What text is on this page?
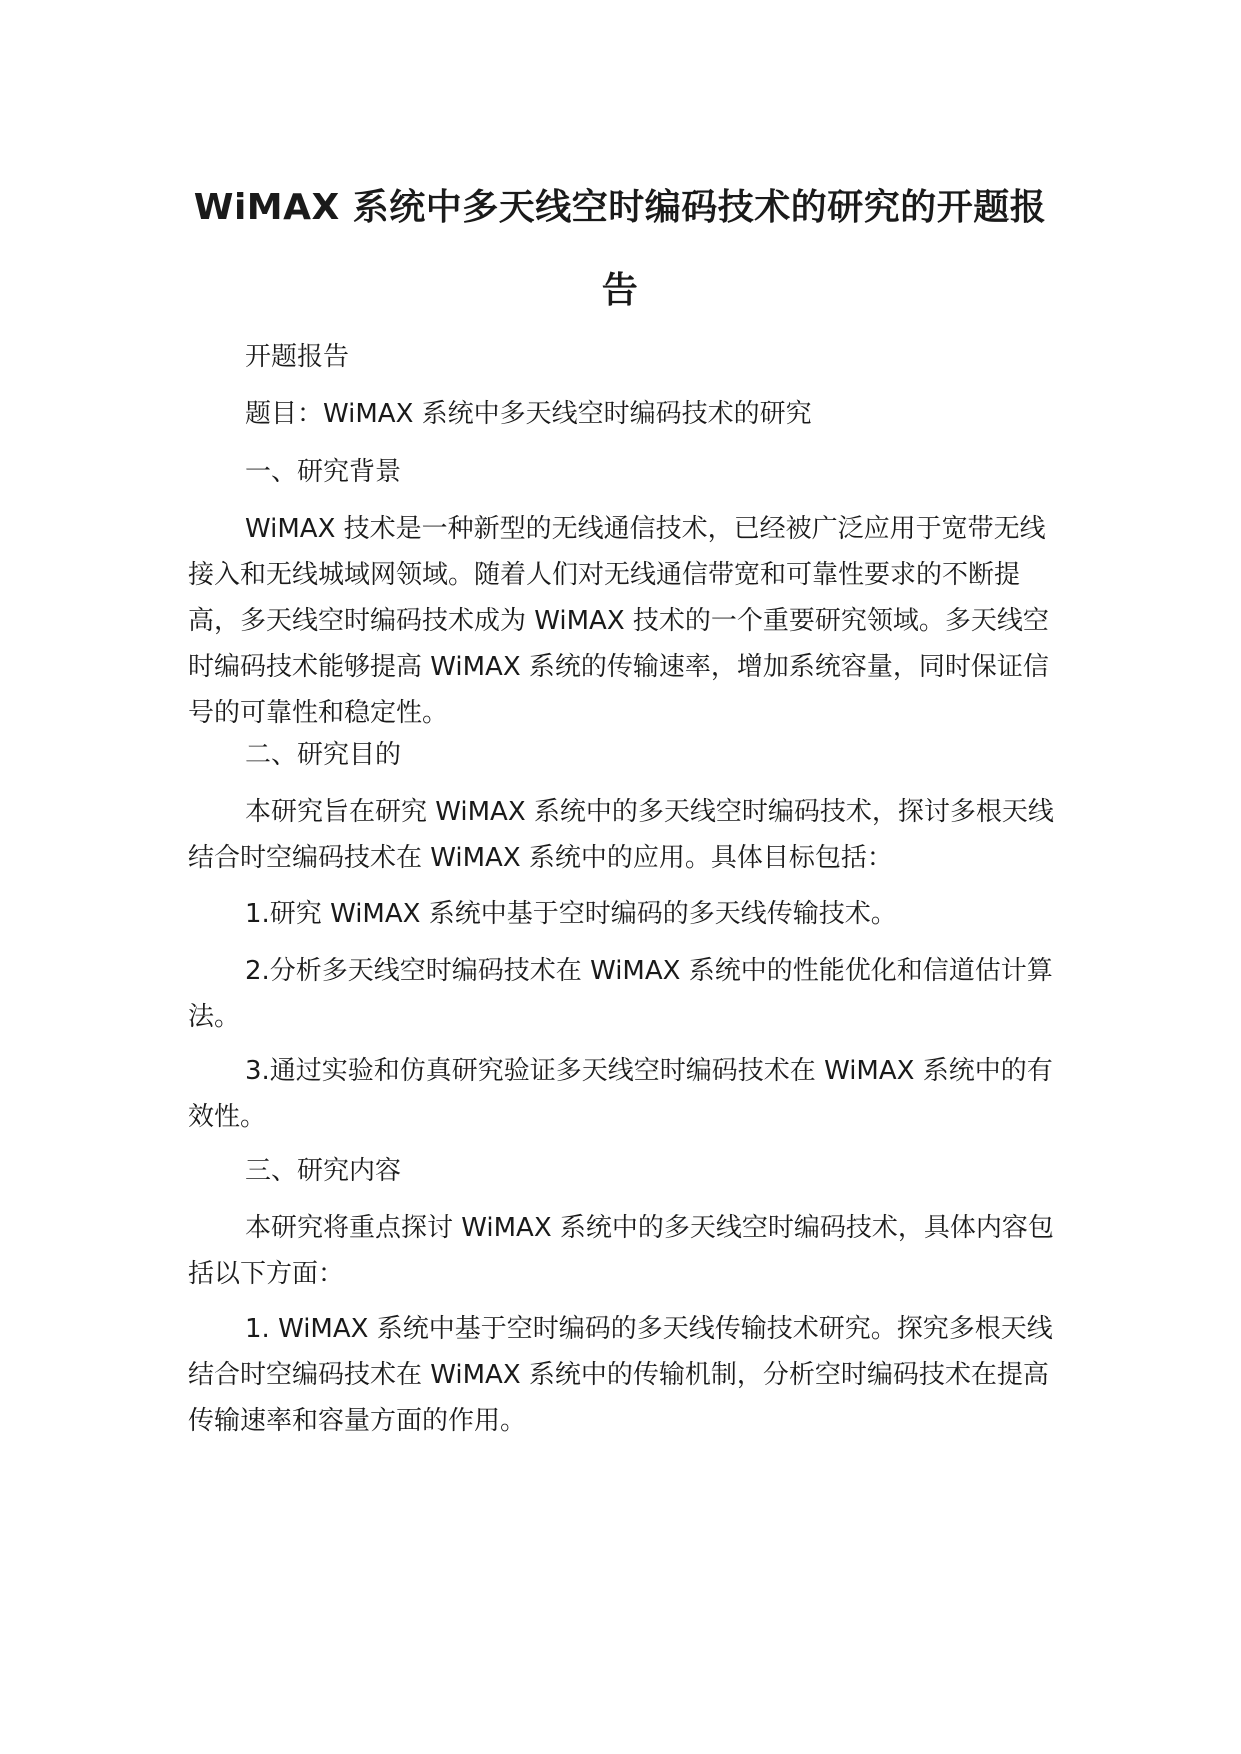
WiMAX 系统中多天线空时编码技术的研究的开题报告

开题报告

题目：WiMAX 系统中多天线空时编码技术的研究

一、研究背景

WiMAX 技术是一种新型的无线通信技术，已经被广泛应用于宽带无线接入和无线城域网领域。随着人们对无线通信带宽和可靠性要求的不断提高，多天线空时编码技术成为 WiMAX 技术的一个重要研究领域。多天线空时编码技术能够提高 WiMAX 系统的传输速率，增加系统容量，同时保证信号的可靠性和稳定性。

二、研究目的

本研究旨在研究 WiMAX 系统中的多天线空时编码技术，探讨多根天线结合时空编码技术在 WiMAX 系统中的应用。具体目标包括：

1.研究 WiMAX 系统中基于空时编码的多天线传输技术。

2.分析多天线空时编码技术在 WiMAX 系统中的性能优化和信道估计算法。

3.通过实验和仿真研究验证多天线空时编码技术在 WiMAX 系统中的有效性。

三、研究内容

本研究将重点探讨 WiMAX 系统中的多天线空时编码技术，具体内容包括以下方面：

1. WiMAX 系统中基于空时编码的多天线传输技术研究。探究多根天线结合时空编码技术在 WiMAX 系统中的传输机制，分析空时编码技术在提高传输速率和容量方面的作用。
